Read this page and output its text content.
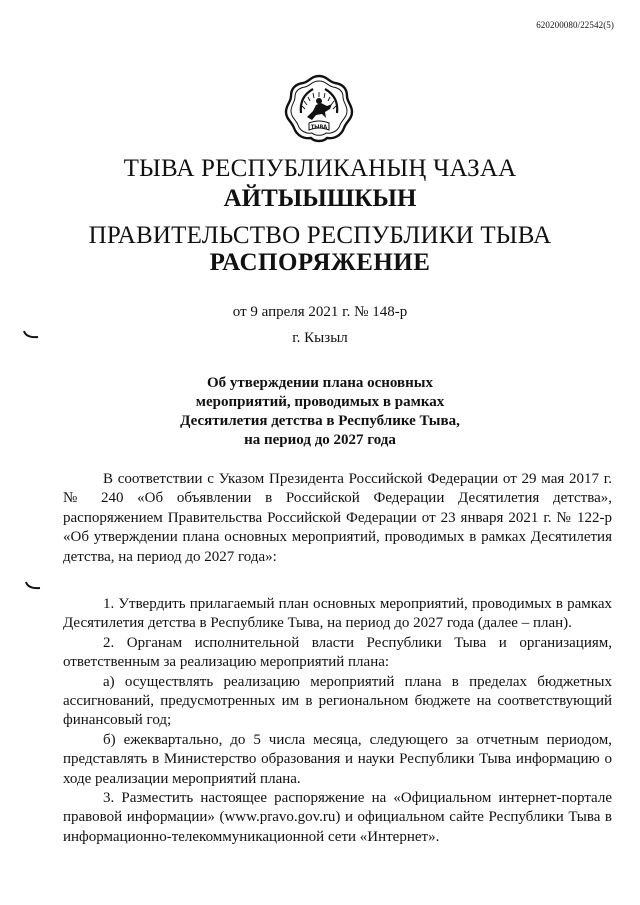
620200080/22542(5)
ТЫВА
ТЫВА РЕСПУБЛИКАНЫҢ ЧАЗАА
АЙТЫЫШКЫН
ПРАВИТЕЛЬСТВО РЕСПУБЛИКИ ТЫВА
РАСПОРЯЖЕНИЕ
от 9 апреля 2021 г. № 148-р
г. Кызыл
Об утверждении плана основных
мероприятий, проводимых в рамках
Десятилетия детства в Республике Тыва,
на период до 2027 года

В соответствии с Указом Президента Российской Федерации от 29 мая 2017 г. № 240 «Об объявлении в Российской Федерации Десятилетия детства», распоряжением Правительства Российской Федерации от 23 января 2021 г. № 122-р «Об утверждении плана основных мероприятий, проводимых в рамках Десятилетия детства, на период до 2027 года»:

1. Утвердить прилагаемый план основных мероприятий, проводимых в рамках Десятилетия детства в Республике Тыва, на период до 2027 года (далее – план).

2. Органам исполнительной власти Республики Тыва и организациям, ответственным за реализацию мероприятий плана:

а) осуществлять реализацию мероприятий плана в пределах бюджетных ассигнований, предусмотренных им в региональном бюджете на соответствующий финансовый год;

б) ежеквартально, до 5 числа месяца, следующего за отчетным периодом, представлять в Министерство образования и науки Республики Тыва информацию о ходе реализации мероприятий плана.

3. Разместить настоящее распоряжение на «Официальном интернет-портале правовой информации» (www.pravo.gov.ru) и официальном сайте Республики Тыва в информационно-телекоммуникационной сети «Интернет».
